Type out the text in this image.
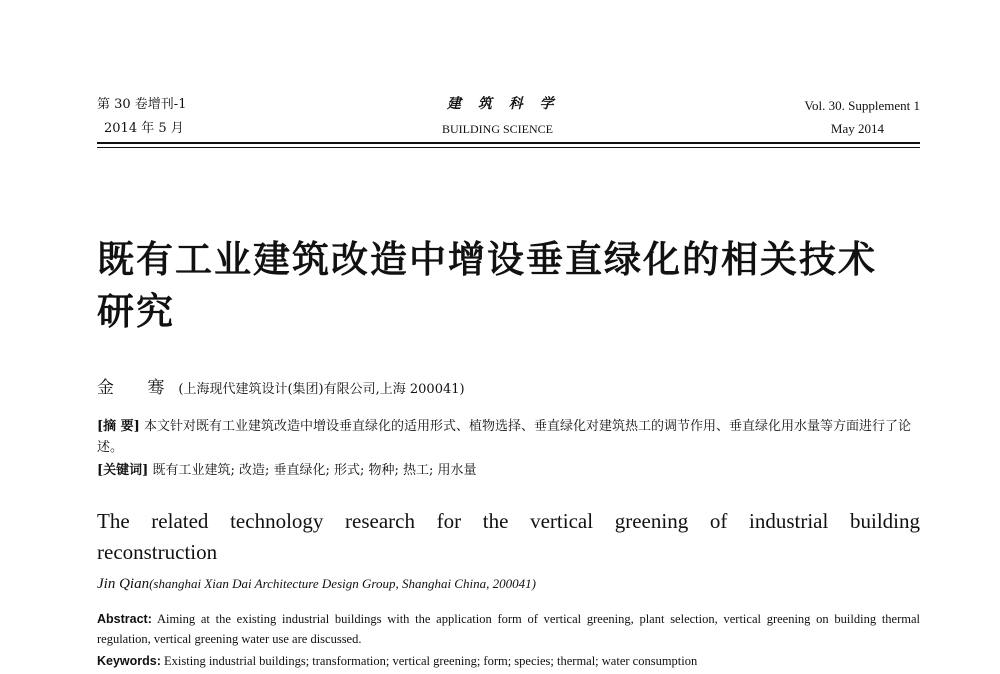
第 30 卷增刊-1
2014 年 5 月
建 筑 科 学
BUILDING SCIENCE
Vol. 30. Supplement 1
May 2014
既有工业建筑改造中增设垂直绿化的相关技术研究
金 骞(上海现代建筑设计(集团)有限公司,上海 200041)
[摘 要] 本文针对既有工业建筑改造中增设垂直绿化的适用形式、植物选择、垂直绿化对建筑热工的调节作用、垂直绿化用水量等方面进行了论述。
[关键词] 既有工业建筑; 改造; 垂直绿化; 形式; 物种; 热工; 用水量
The related technology research for the vertical greening of industrial building reconstruction
Jin Qian(shanghai Xian Dai Architecture Design Group, Shanghai China, 200041)
Abstract: Aiming at the existing industrial buildings with the application form of vertical greening, plant selection, vertical greening on building thermal regulation, vertical greening water use are discussed.
Keywords: Existing industrial buildings; transformation; vertical greening; form; species; thermal; water consumption
